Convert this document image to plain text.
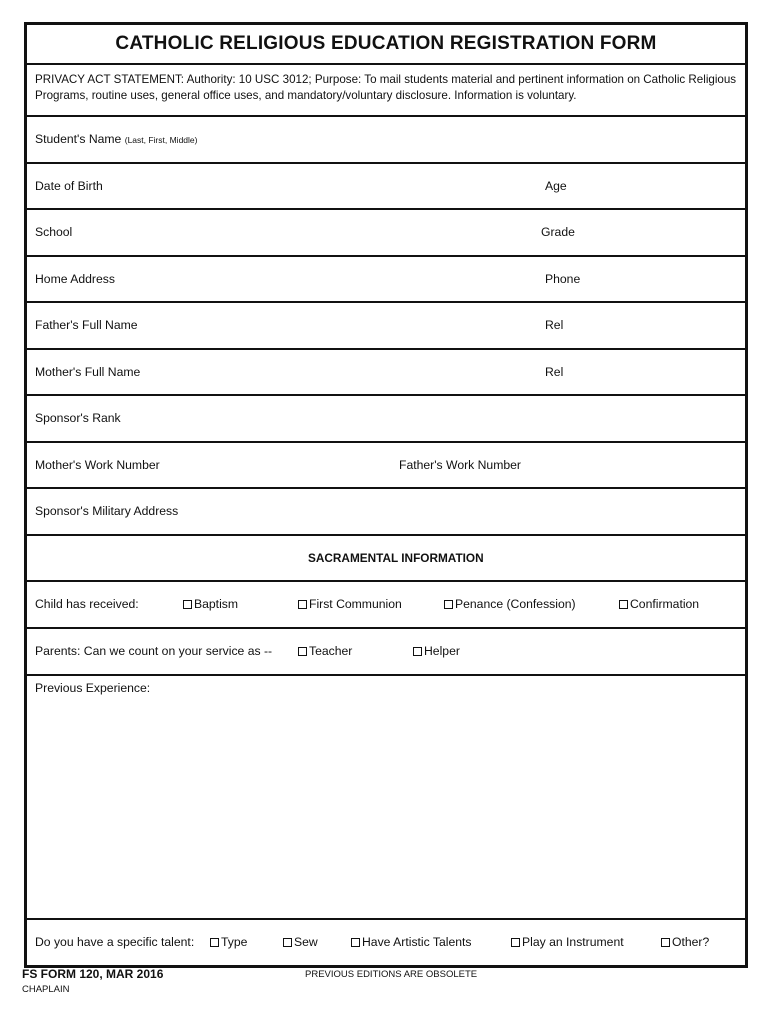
CATHOLIC RELIGIOUS EDUCATION REGISTRATION FORM
PRIVACY ACT STATEMENT: Authority: 10 USC 3012; Purpose: To mail students material and pertinent information on Catholic Religious Programs, routine uses, general office uses, and mandatory/voluntary disclosure. Information is voluntary.
Student's Name (Last, First, Middle)
Date of Birth	Age
School	Grade
Home Address	Phone
Father's Full Name	Rel
Mother's Full Name	Rel
Sponsor's Rank
Mother's Work Number	Father's Work Number
Sponsor's Military Address
SACRAMENTAL INFORMATION
Child has received:	Baptism	First Communion	Penance (Confession)	Confirmation
Parents: Can we count on your service as --	Teacher	Helper
Previous Experience:
Do you have a specific talent: Type	Sew	Have Artistic Talents	Play an Instrument	Other?
FS FORM 120, MAR 2016
CHAPLAIN
PREVIOUS EDITIONS ARE OBSOLETE
